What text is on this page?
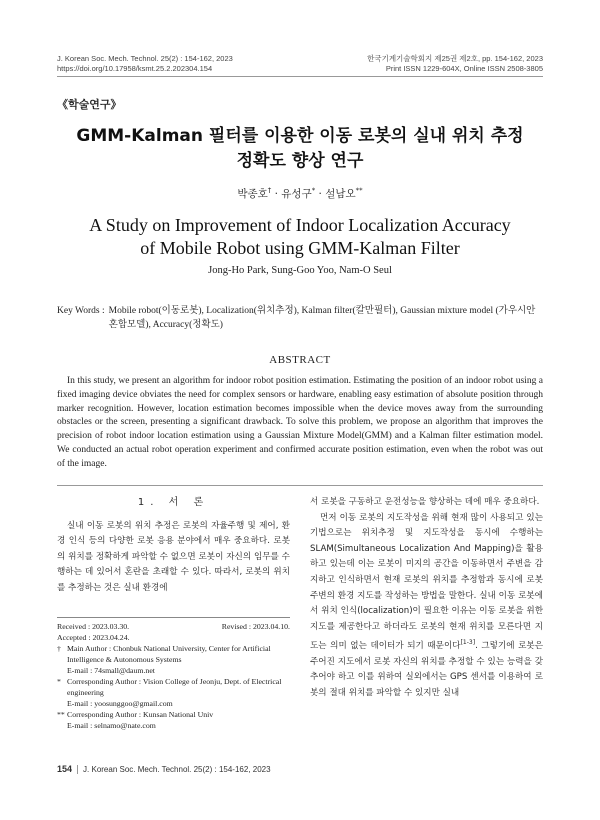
J. Korean Soc. Mech. Technol. 25(2) : 154-162, 2023
https://doi.org/10.17958/ksmt.25.2.202304.154
한국기계기술학회지 제25권 제2호, pp. 154-162, 2023
Print ISSN 1229-604X, Online ISSN 2508-3805
《학술연구》
GMM-Kalman 필터를 이용한 이동 로봇의 실내 위치 추정
정확도 향상 연구
박종호† · 유성구* · 설남오**
A Study on Improvement of Indoor Localization Accuracy
of Mobile Robot using GMM-Kalman Filter
Jong-Ho Park, Sung-Goo Yoo, Nam-O Seul
Key Words : Mobile robot(이동로봇), Localization(위치추정), Kalman filter(칼만필터), Gaussian mixture model (가우시안 혼합모델), Accuracy(정확도)
ABSTRACT
In this study, we present an algorithm for indoor robot position estimation. Estimating the position of an indoor robot using a fixed imaging device obviates the need for complex sensors or hardware, enabling easy estimation of absolute position through marker recognition. However, location estimation becomes impossible when the device moves away from the surrounding obstacles or the screen, presenting a significant drawback. To solve this problem, we propose an algorithm that improves the precision of robot indoor location estimation using a Gaussian Mixture Model(GMM) and a Kalman filter estimation model. We conducted an actual robot operation experiment and confirmed accurate position estimation, even when the robot was out of the image.
1. 서 론

실내 이동 로봇의 위치 추정은 로봇의 자율주행 및 제어, 환경 인식 등의 다양한 로봇 응용 분야에서 매우 중요하다. 로봇의 위치를 정확하게 파악할 수 없으면 로봇이 자신의 임무를 수행하는 데 있어서 혼란을 초래할 수 있다. 따라서, 로봇의 위치를 추정하는 것은 실내 환경에

Received : 2023.03.30.	Revised : 2023.04.10.
Accepted : 2023.04.24.
† Main Author : Chonbuk National University, Center for Artificial Intelligence & Autonomous Systems
E-mail : 74small@daum.net
* Corresponding Author : Vision College of Jeonju, Dept. of Electrical engineering
E-mail : yoosunggoo@gmail.com
** Corresponding Author : Kunsan National Univ
E-mail : selnamo@nate.com

서 로봇을 구동하고 운전성능을 향상하는 데에 매우 중요하다.

먼저 이동 로봇의 지도작성을 위해 현재 많이 사용되고 있는 기법으로는 위치추정 및 지도작성을 동시에 수행하는 SLAM(Simultaneous Localization And Mapping)을 활용하고 있는데 이는 로봇이 미지의 공간을 이동하면서 주변을 감지하고 인식하면서 현재 로봇의 위치를 추정함과 동시에 로봇 주변의 환경 지도를 작성하는 방법을 말한다. 실내 이동 로봇에서 위치 인식(localization)이 필요한 이유는 이동 로봇을 위한 지도를 제공한다고 하더라도 로봇의 현재 위치를 모른다면 지도는 의미 없는 데이터가 되기 때문이다[1-3]. 그렇기에 로봇은 주어진 지도에서 로봇 자신의 위치를 추정할 수 있는 능력을 갖추어야 하고 이를 위하여 실외에서는 GPS 센서를 이용하여 로봇의 절대 위치를 파악할 수 있지만 실내

154 J. Korean Soc. Mech. Technol. 25(2) : 154-162, 2023
